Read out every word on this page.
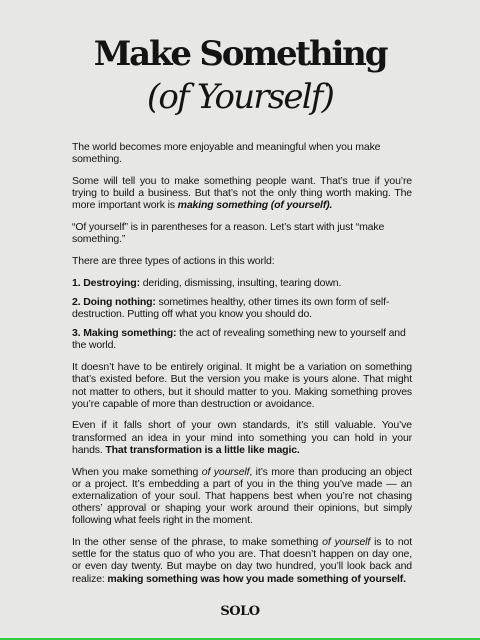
Make Something
(of Yourself)

The world becomes more enjoyable and meaningful when you make something.

Some will tell you to make something people want. That’s true if you’re trying to build a business. But that’s not the only thing worth making. The more important work is making something (of yourself).

“Of yourself” is in parentheses for a reason. Let’s start with just “make something.”

There are three types of actions in this world:

1. Destroying: deriding, dismissing, insulting, tearing down.

2. Doing nothing: sometimes healthy, other times its own form of self-destruction. Putting off what you know you should do.

3. Making something: the act of revealing something new to yourself and the world.

It doesn’t have to be entirely original. It might be a variation on something that’s existed before. But the version you make is yours alone. That might not matter to others, but it should matter to you. Making something proves you’re capable of more than destruction or avoidance.

Even if it falls short of your own standards, it’s still valuable. You’ve transformed an idea in your mind into something you can hold in your hands. That transformation is a little like magic.

When you make something of yourself, it’s more than producing an object or a project. It’s embedding a part of you in the thing you’ve made — an externalization of your soul. That happens best when you’re not chasing others’ approval or shaping your work around their opinions, but simply following what feels right in the moment.

In the other sense of the phrase, to make something of yourself is to not settle for the status quo of who you are. That doesn’t happen on day one, or even day twenty. But maybe on day two hundred, you’ll look back and realize: making something was how you made something of yourself.

SOLO
